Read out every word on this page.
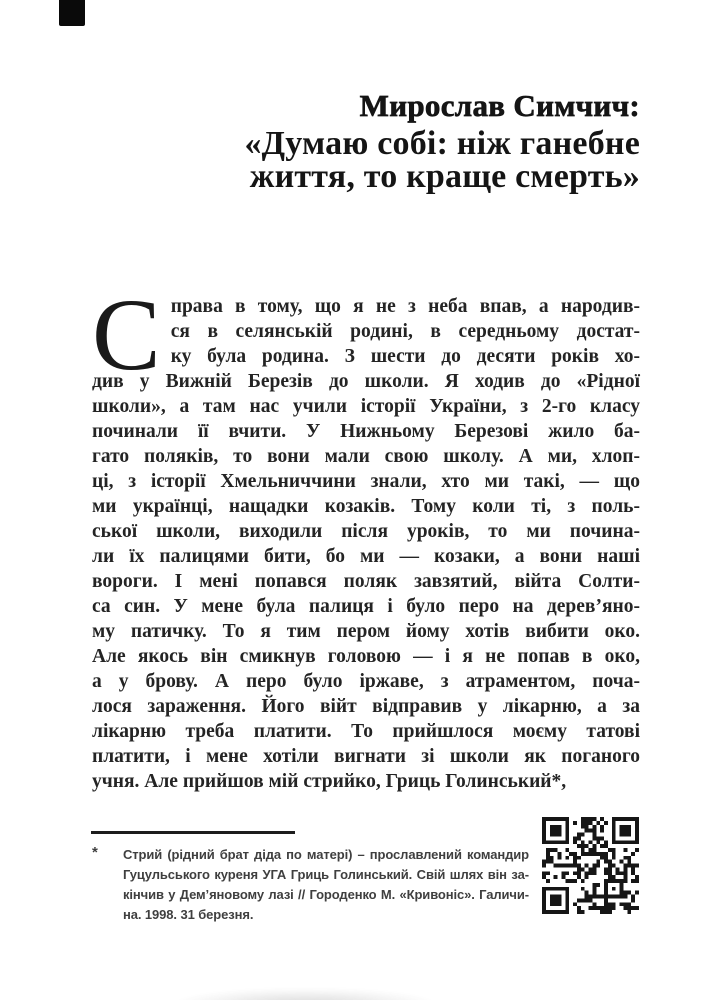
Мирослав Симчич:
«Думаю собі: ніж ганебне
життя, то краще смерть»
С права в тому, що я не з неба впав, а народив-
ся в селянській родині, в середньому достат-
ку була родина. З шести до десяти років хо-
див у Вижній Березів до школи. Я ходив до «Рідної
школи», а там нас учили історії України, з 2-го класу
починали її вчити. У Нижньому Березові жило ба-
гато поляків, то вони мали свою школу. А ми, хлоп-
ці, з історії Хмельниччини знали, хто ми такі, — що
ми українці, нащадки козаків. Тому коли ті, з поль-
ської школи, виходили після уроків, то ми почина-
ли їх палицями бити, бо ми — козаки, а вони наші
вороги. І мені попався поляк завзятий, війта Солти-
са син. У мене була палиця і було перо на дерев’яно-
му патичку. То я тим пером йому хотів вибити око.
Але якось він смикнув головою — і я не попав в око,
а у брову. А перо було іржаве, з атраментом, поча-
лося зараження. Його війт відправив у лікарню, а за
лікарню треба платити. То прийшлося моєму татові
платити, і мене хотіли вигнати зі школи як поганого
учня. Але прийшов мій стрийко, Гриць Голинський*,
* Стрий (рідний брат діда по матері) – прославлений командир
Гуцульського куреня УГА Гриць Голинський. Свій шлях він за-
кінчив у Дем’яновому лазі // Городенко М. «Кривоніс». Галичи-
на. 1998. 31 березня.
